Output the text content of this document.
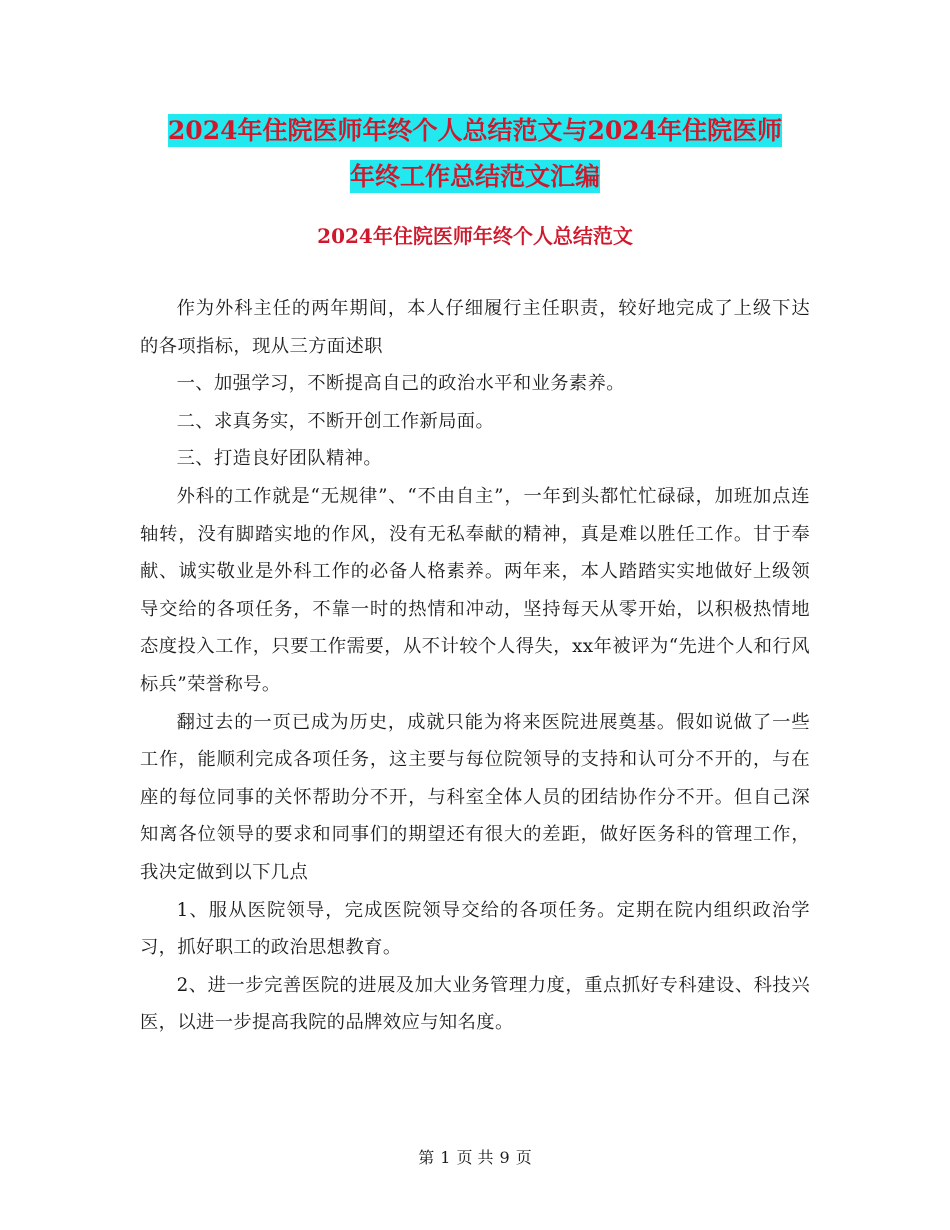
2024年住院医师年终个人总结范文与2024年住院医师
年终工作总结范文汇编
2024年住院医师年终个人总结范文

作为外科主任的两年期间，本人仔细履行主任职责，较好地完成了上级下达的各项指标，现从三方面述职

一、加强学习，不断提高自己的政治水平和业务素养。

二、求真务实，不断开创工作新局面。

三、打造良好团队精神。

外科的工作就是“无规律”、“不由自主”，一年到头都忙忙碌碌，加班加点连轴转，没有脚踏实地的作风，没有无私奉献的精神，真是难以胜任工作。甘于奉献、诚实敬业是外科工作的必备人格素养。两年来，本人踏踏实实地做好上级领导交给的各项任务，不靠一时的热情和冲动，坚持每天从零开始，以积极热情地态度投入工作，只要工作需要，从不计较个人得失，xx年被评为“先进个人和行风标兵”荣誉称号。

翻过去的一页已成为历史，成就只能为将来医院进展奠基。假如说做了一些工作，能顺利完成各项任务，这主要与每位院领导的支持和认可分不开的，与在座的每位同事的关怀帮助分不开，与科室全体人员的团结协作分不开。但自己深知离各位领导的要求和同事们的期望还有很大的差距，做好医务科的管理工作，我决定做到以下几点

1、服从医院领导，完成医院领导交给的各项任务。定期在院内组织政治学习，抓好职工的政治思想教育。

2、进一步完善医院的进展及加大业务管理力度，重点抓好专科建设、科技兴医，以进一步提高我院的品牌效应与知名度。

第 1 页 共 9 页
